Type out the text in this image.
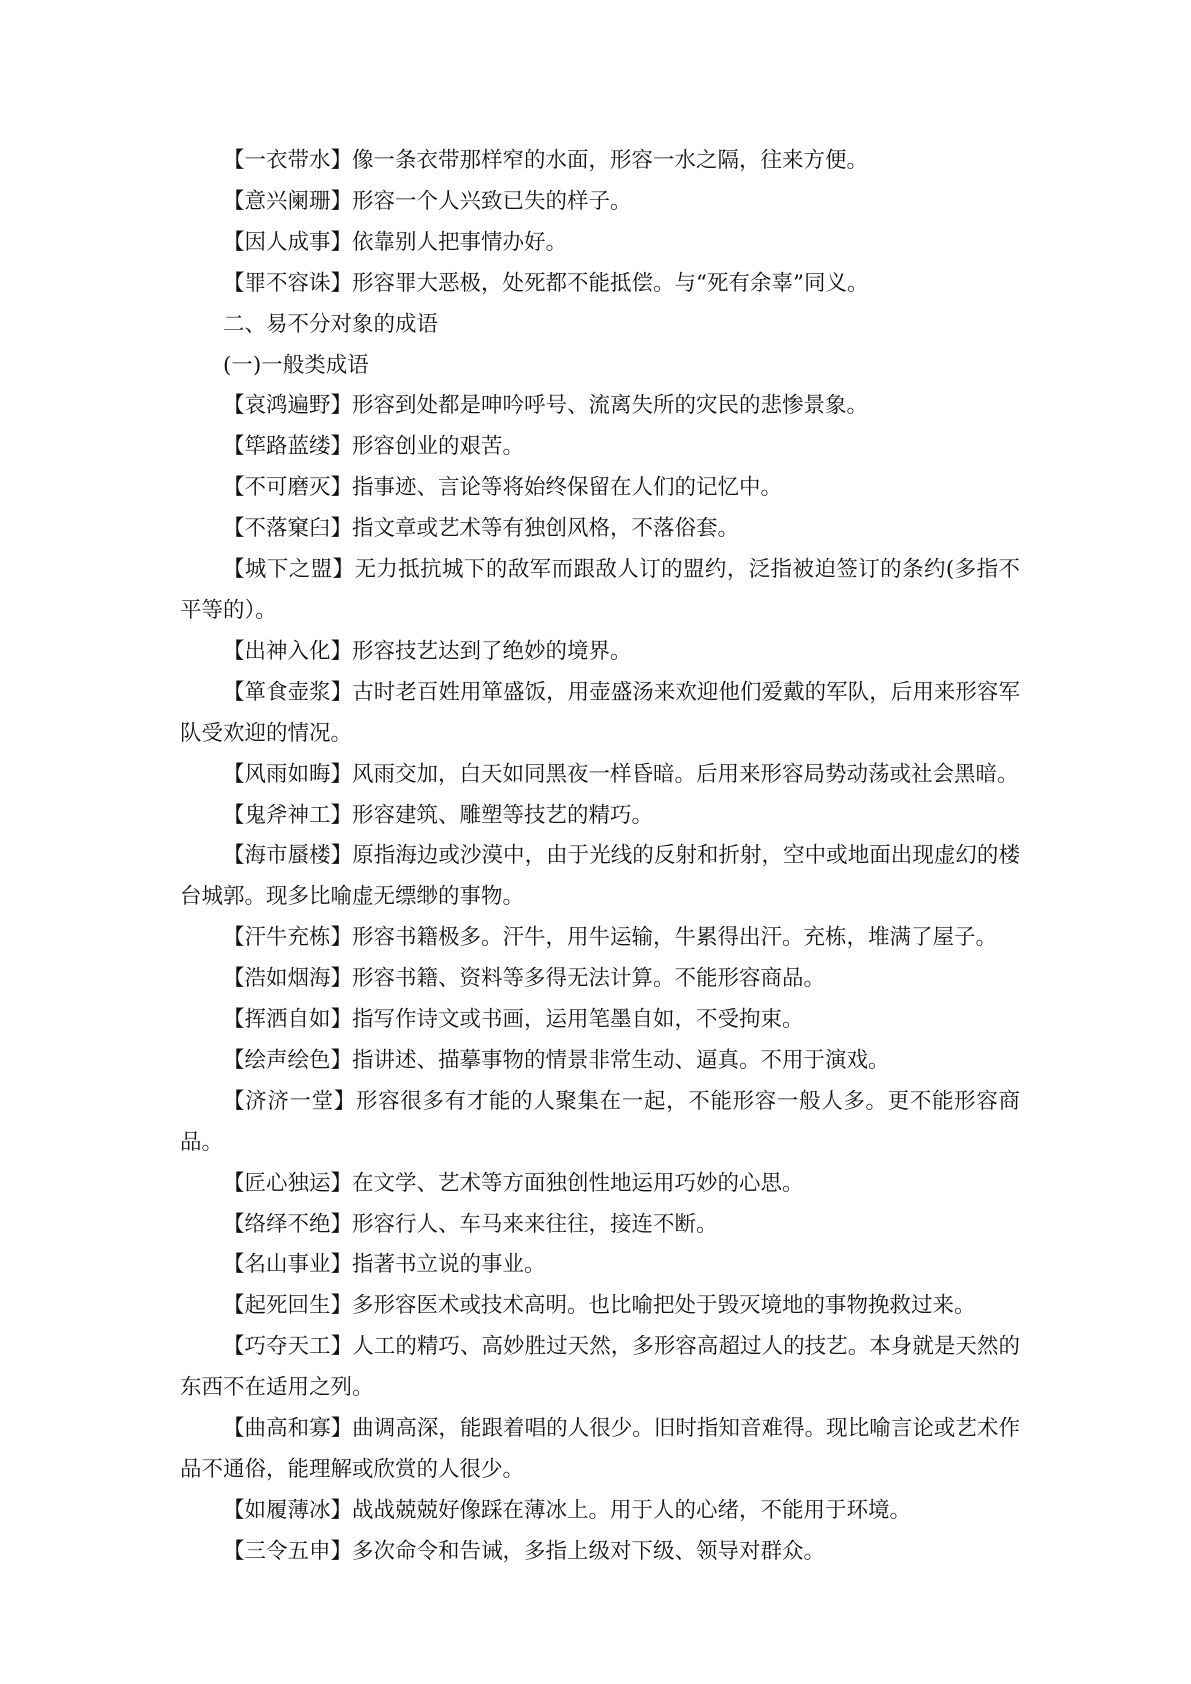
【一衣带水】像一条衣带那样窄的水面，形容一水之隔，往来方便。

【意兴阑珊】形容一个人兴致已失的样子。

【因人成事】依靠别人把事情办好。

【罪不容诛】形容罪大恶极，处死都不能抵偿。与“死有余辜”同义。

二、易不分对象的成语

(一)一般类成语

【哀鸿遍野】形容到处都是呻吟呼号、流离失所的灾民的悲惨景象。

【筚路蓝缕】形容创业的艰苦。

【不可磨灭】指事迹、言论等将始终保留在人们的记忆中。

【不落窠臼】指文章或艺术等有独创风格，不落俗套。

【城下之盟】无力抵抗城下的敌军而跟敌人订的盟约，泛指被迫签订的条约(多指不平等的）。

【出神入化】形容技艺达到了绝妙的境界。

【箪食壶浆】古时老百姓用箪盛饭，用壶盛汤来欢迎他们爱戴的军队，后用来形容军队受欢迎的情况。

【风雨如晦】风雨交加，白天如同黑夜一样昏暗。后用来形容局势动荡或社会黑暗。

【鬼斧神工】形容建筑、雕塑等技艺的精巧。

【海市蜃楼】原指海边或沙漠中，由于光线的反射和折射，空中或地面出现虚幻的楼台城郭。现多比喻虚无缥缈的事物。

【汗牛充栋】形容书籍极多。汗牛，用牛运输，牛累得出汗。充栋，堆满了屋子。

【浩如烟海】形容书籍、资料等多得无法计算。不能形容商品。

【挥洒自如】指写作诗文或书画，运用笔墨自如，不受拘束。

【绘声绘色】指讲述、描摹事物的情景非常生动、逼真。不用于演戏。

【济济一堂】形容很多有才能的人聚集在一起，不能形容一般人多。更不能形容商品。

【匠心独运】在文学、艺术等方面独创性地运用巧妙的心思。

【络绎不绝】形容行人、车马来来往往，接连不断。

【名山事业】指著书立说的事业。

【起死回生】多形容医术或技术高明。也比喻把处于毁灭境地的事物挽救过来。

【巧夺天工】人工的精巧、高妙胜过天然，多形容高超过人的技艺。本身就是天然的东西不在适用之列。

【曲高和寡】曲调高深，能跟着唱的人很少。旧时指知音难得。现比喻言论或艺术作品不通俗，能理解或欣赏的人很少。

【如履薄冰】战战兢兢好像踩在薄冰上。用于人的心绪，不能用于环境。

【三令五申】多次命令和告诫，多指上级对下级、领导对群众。
